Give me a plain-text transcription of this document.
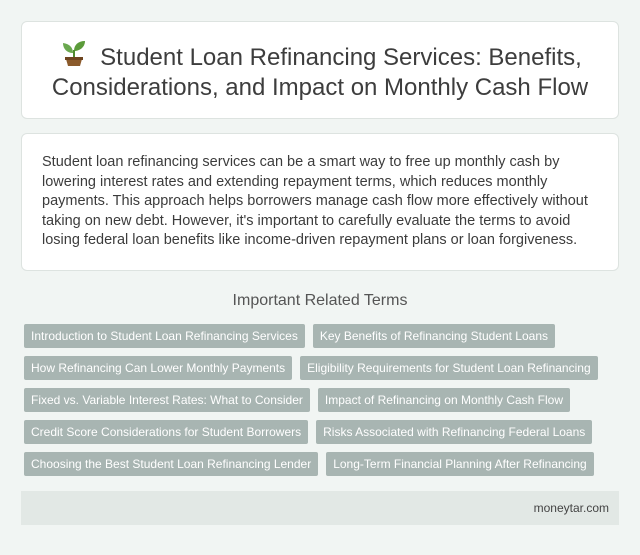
Student Loan Refinancing Services: Benefits, Considerations, and Impact on Monthly Cash Flow

Student loan refinancing services can be a smart way to free up monthly cash by lowering interest rates and extending repayment terms, which reduces monthly payments. This approach helps borrowers manage cash flow more effectively without taking on new debt. However, it's important to carefully evaluate the terms to avoid losing federal loan benefits like income-driven repayment plans or loan forgiveness.

Important Related Terms
Introduction to Student Loan Refinancing Services	Key Benefits of Refinancing Student Loans
How Refinancing Can Lower Monthly Payments	Eligibility Requirements for Student Loan Refinancing
Fixed vs. Variable Interest Rates: What to Consider	Impact of Refinancing on Monthly Cash Flow
Credit Score Considerations for Student Borrowers	Risks Associated with Refinancing Federal Loans
Choosing the Best Student Loan Refinancing Lender	Long-Term Financial Planning After Refinancing
moneytar.com
